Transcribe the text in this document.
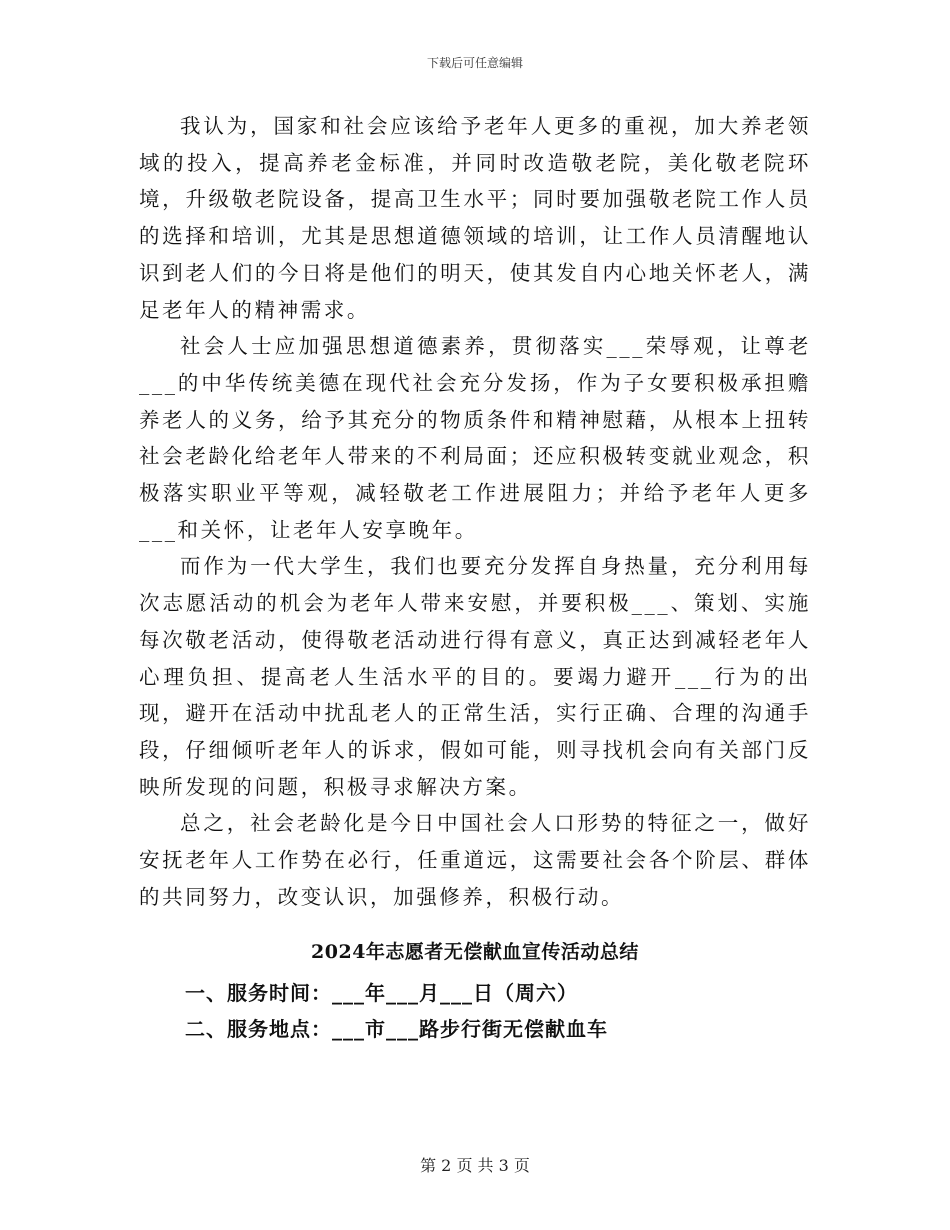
下载后可任意编辑

我认为，国家和社会应该给予老年人更多的重视，加大养老领域的投入，提高养老金标准，并同时改造敬老院，美化敬老院环境，升级敬老院设备，提高卫生水平；同时要加强敬老院工作人员的选择和培训，尤其是思想道德领域的培训，让工作人员清醒地认识到老人们的今日将是他们的明天，使其发自内心地关怀老人，满足老年人的精神需求。

社会人士应加强思想道德素养，贯彻落实___荣辱观，让尊老___的中华传统美德在现代社会充分发扬，作为子女要积极承担赡养老人的义务，给予其充分的物质条件和精神慰藉，从根本上扭转社会老龄化给老年人带来的不利局面；还应积极转变就业观念，积极落实职业平等观，减轻敬老工作进展阻力；并给予老年人更多___和关怀，让老年人安享晚年。

而作为一代大学生，我们也要充分发挥自身热量，充分利用每次志愿活动的机会为老年人带来安慰，并要积极___、策划、实施每次敬老活动，使得敬老活动进行得有意义，真正达到减轻老年人心理负担、提高老人生活水平的目的。要竭力避开___行为的出现，避开在活动中扰乱老人的正常生活，实行正确、合理的沟通手段，仔细倾听老年人的诉求，假如可能，则寻找机会向有关部门反映所发现的问题，积极寻求解决方案。

总之，社会老龄化是今日中国社会人口形势的特征之一，做好安抚老年人工作势在必行，任重道远，这需要社会各个阶层、群体的共同努力，改变认识，加强修养，积极行动。

2024年志愿者无偿献血宣传活动总结

一、服务时间：___年___月___日（周六）

二、服务地点：___市___路步行街无偿献血车

第 2 页 共 3 页
